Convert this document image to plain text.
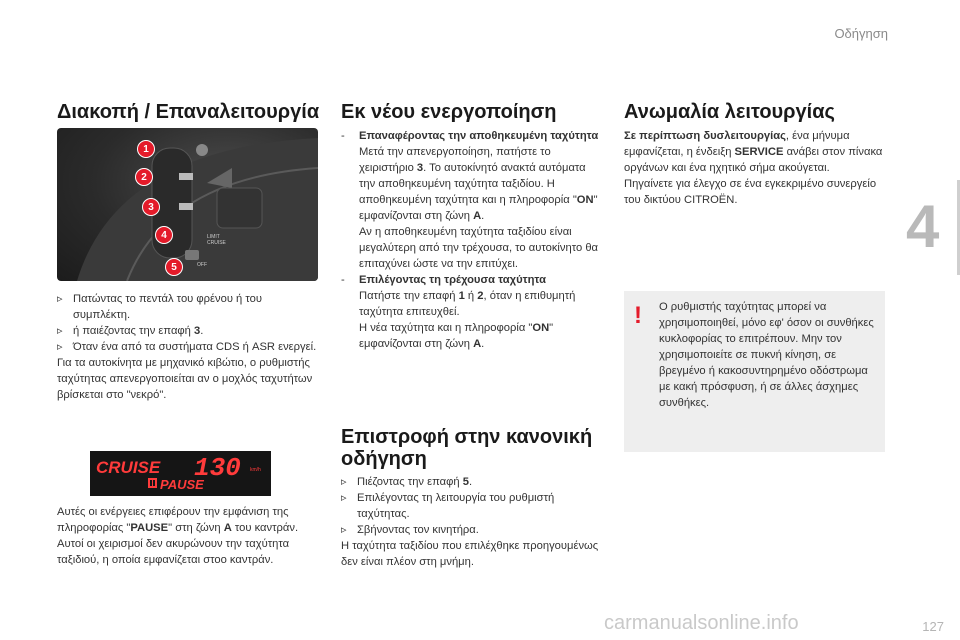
Οδήγηση
4
Διακοπή / Επαναλειτουργία
LIMIT
CRUISE
OFF
1
2
3
4
5
▹ Πατώντας το πεντάλ του φρένου ή του συμπλέκτη.
▹ ή παιέζοντας την επαφή 3.
▹ Όταν ένα από τα συστήματα CDS ή ASR ενεργεί.
Για τα αυτοκίνητα με μηχανικό κιβώτιο, ο ρυθμιστής ταχύτητας απενεργοποιείται αν ο μοχλός ταχυτήτων βρίσκεται στο "νεκρό".
CRUISE 130 km/h
PAUSE
Αυτές οι ενέργειες επιφέρουν την εμφάνιση της πληροφορίας "PAUSE" στη ζώνη A του καντράν.
Αυτοί οι χειρισμοί δεν ακυρώνουν την ταχύτητα ταξιδιού, η οποία εμφανίζεται στοο καντράν.
Εκ νέου ενεργοποίηση
- Επαναφέροντας την αποθηκευμένη ταχύτητα
Μετά την απενεργοποίηση, πατήστε το χειριστήριο 3. Το αυτοκίνητό ανακτά αυτόματα την αποθηκευμένη ταχύτητα ταξιδίου. Η αποθηκευμένη ταχύτητα και η πληροφορία "ON" εμφανίζονται στη ζώνη A.
Αν η αποθηκευμένη ταχύτητα ταξιδίου είναι μεγαλύτερη από την τρέχουσα, το αυτοκίνητο θα επιταχύνει ώστε να την επιτύχει.
- Επιλέγοντας τη τρέχουσα ταχύτητα
Πατήστε την επαφή 1 ή 2, όταν η επιθυμητή ταχύτητα επιτευχθεί.
Η νέα ταχύτητα και η πληροφορία "ON" εμφανίζονται στη ζώνη A.
Επιστροφή στην κανονική οδήγηση
▹ Πιέζοντας την επαφή 5.
▹ Επιλέγοντας τη λειτουργία του ρυθμιστή ταχύτητας.
▹ Σβήνοντας τον κινητήρα.
Η ταχύτητα ταξιδίου που επιλέχθηκε προηγουμένως δεν είναι πλέον στη μνήμη.
Ανωμαλία λειτουργίας
Σε περίπτωση δυσλειτουργίας, ένα μήνυμα εμφανίζεται, η ένδειξη SERVICE ανάβει στον πίνακα οργάνων και ένα ηχητικό σήμα ακούγεται.
Πηγαίνετε για έλεγχο σε ένα εγκεκριμένο συνεργείο του δικτύου CITROËN.
!	Ο ρυθμιστής ταχύτητας μπορεί να χρησιμοποιηθεί, μόνο εφ' όσον οι συνθήκες κυκλοφορίας το επιτρέπουν. Μην τον χρησιμοποιείτε σε πυκνή κίνηση, σε βρεγμένο ή κακοσυντηρημένο οδόστρωμα με κακή πρόσφυση, ή σε άλλες άσχημες συνθήκες.
carmanualsonline.info	127
